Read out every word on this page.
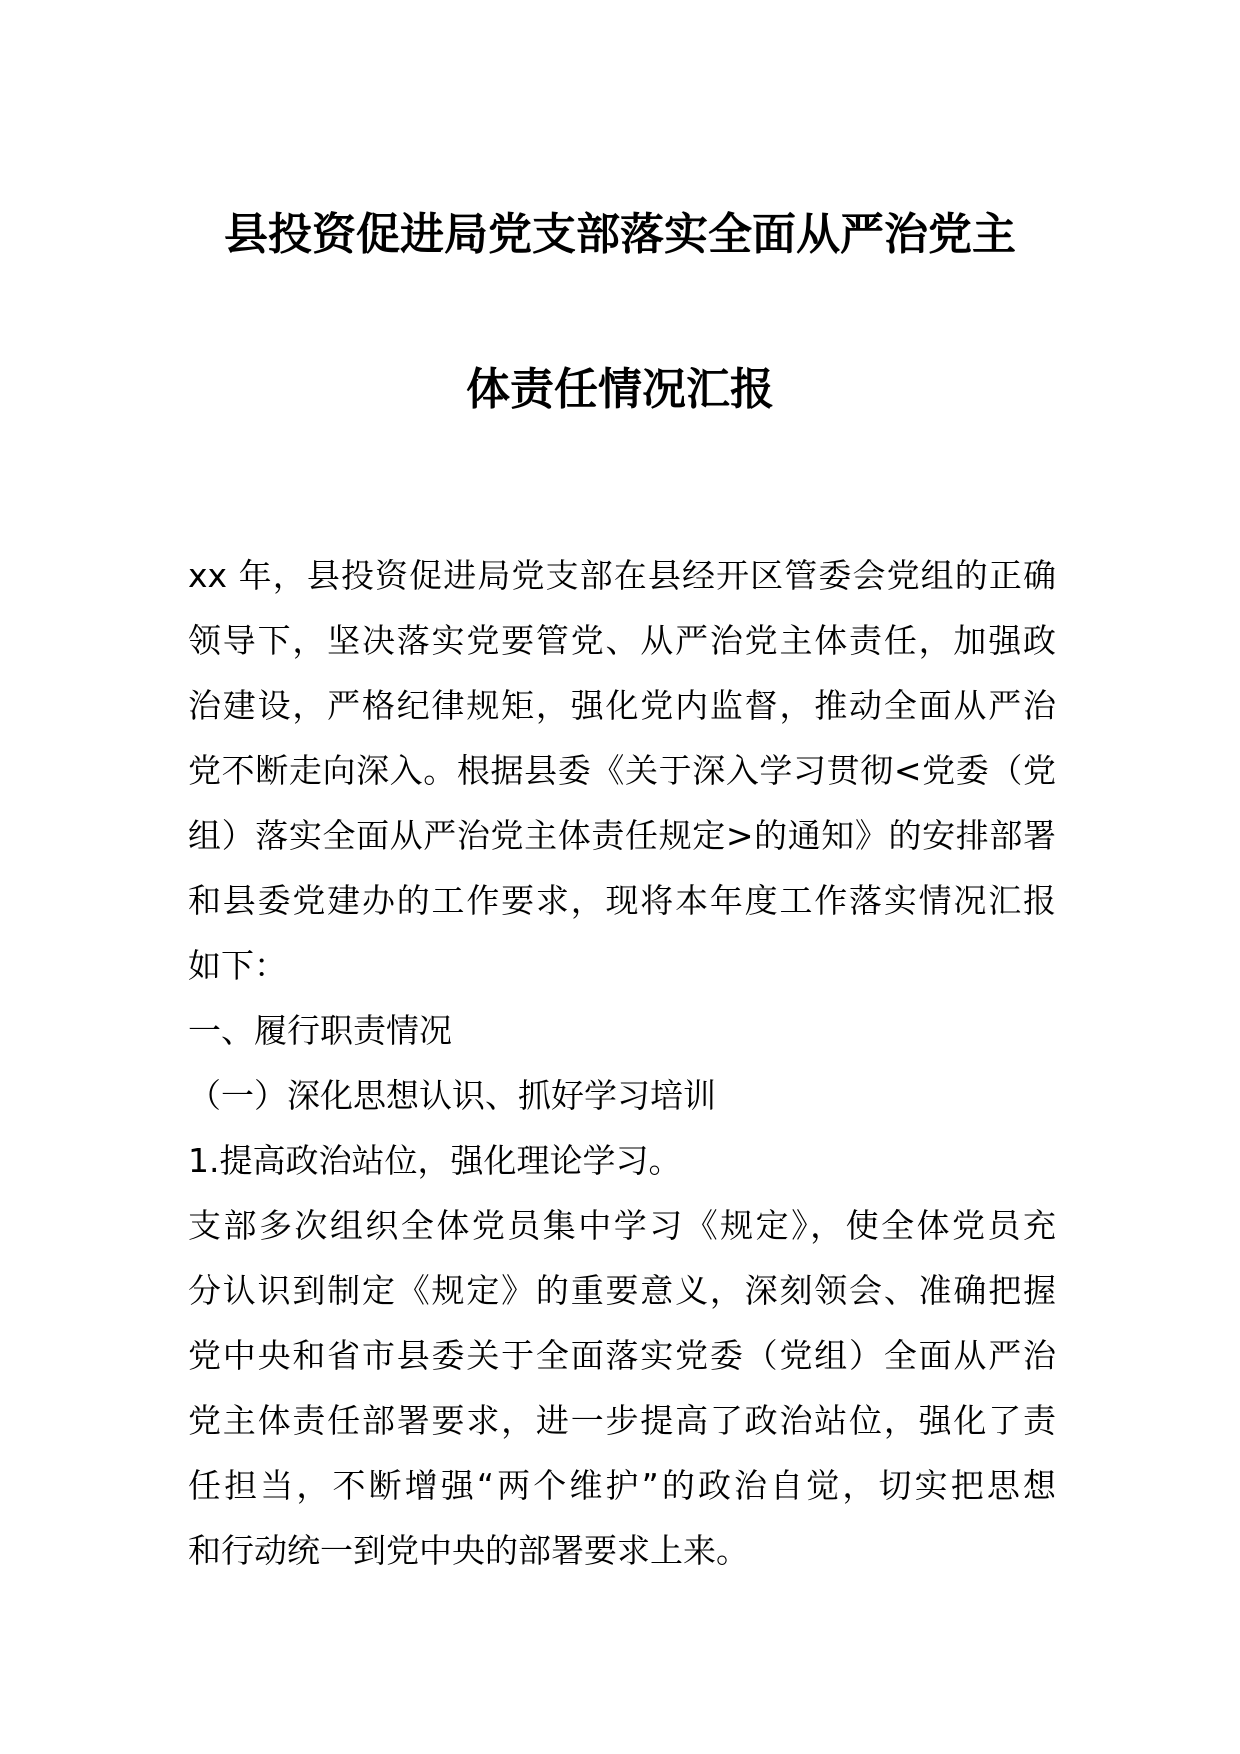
县投资促进局党支部落实全面从严治党主
体责任情况汇报
xx 年，县投资促进局党支部在县经开区管委会党组的正确
领导下，坚决落实党要管党、从严治党主体责任，加强政
治建设，严格纪律规矩，强化党内监督，推动全面从严治
党不断走向深入。根据县委《关于深入学习贯彻<党委（党
组）落实全面从严治党主体责任规定>的通知》的安排部署
和县委党建办的工作要求，现将本年度工作落实情况汇报
如下：
一、履行职责情况
（一）深化思想认识、抓好学习培训
1.提高政治站位，强化理论学习。
支部多次组织全体党员集中学习《规定》，使全体党员充
分认识到制定《规定》的重要意义，深刻领会、准确把握
党中央和省市县委关于全面落实党委（党组）全面从严治
党主体责任部署要求，进一步提高了政治站位，强化了责
任担当，不断增强“两个维护”的政治自觉，切实把思想
和行动统一到党中央的部署要求上来。
